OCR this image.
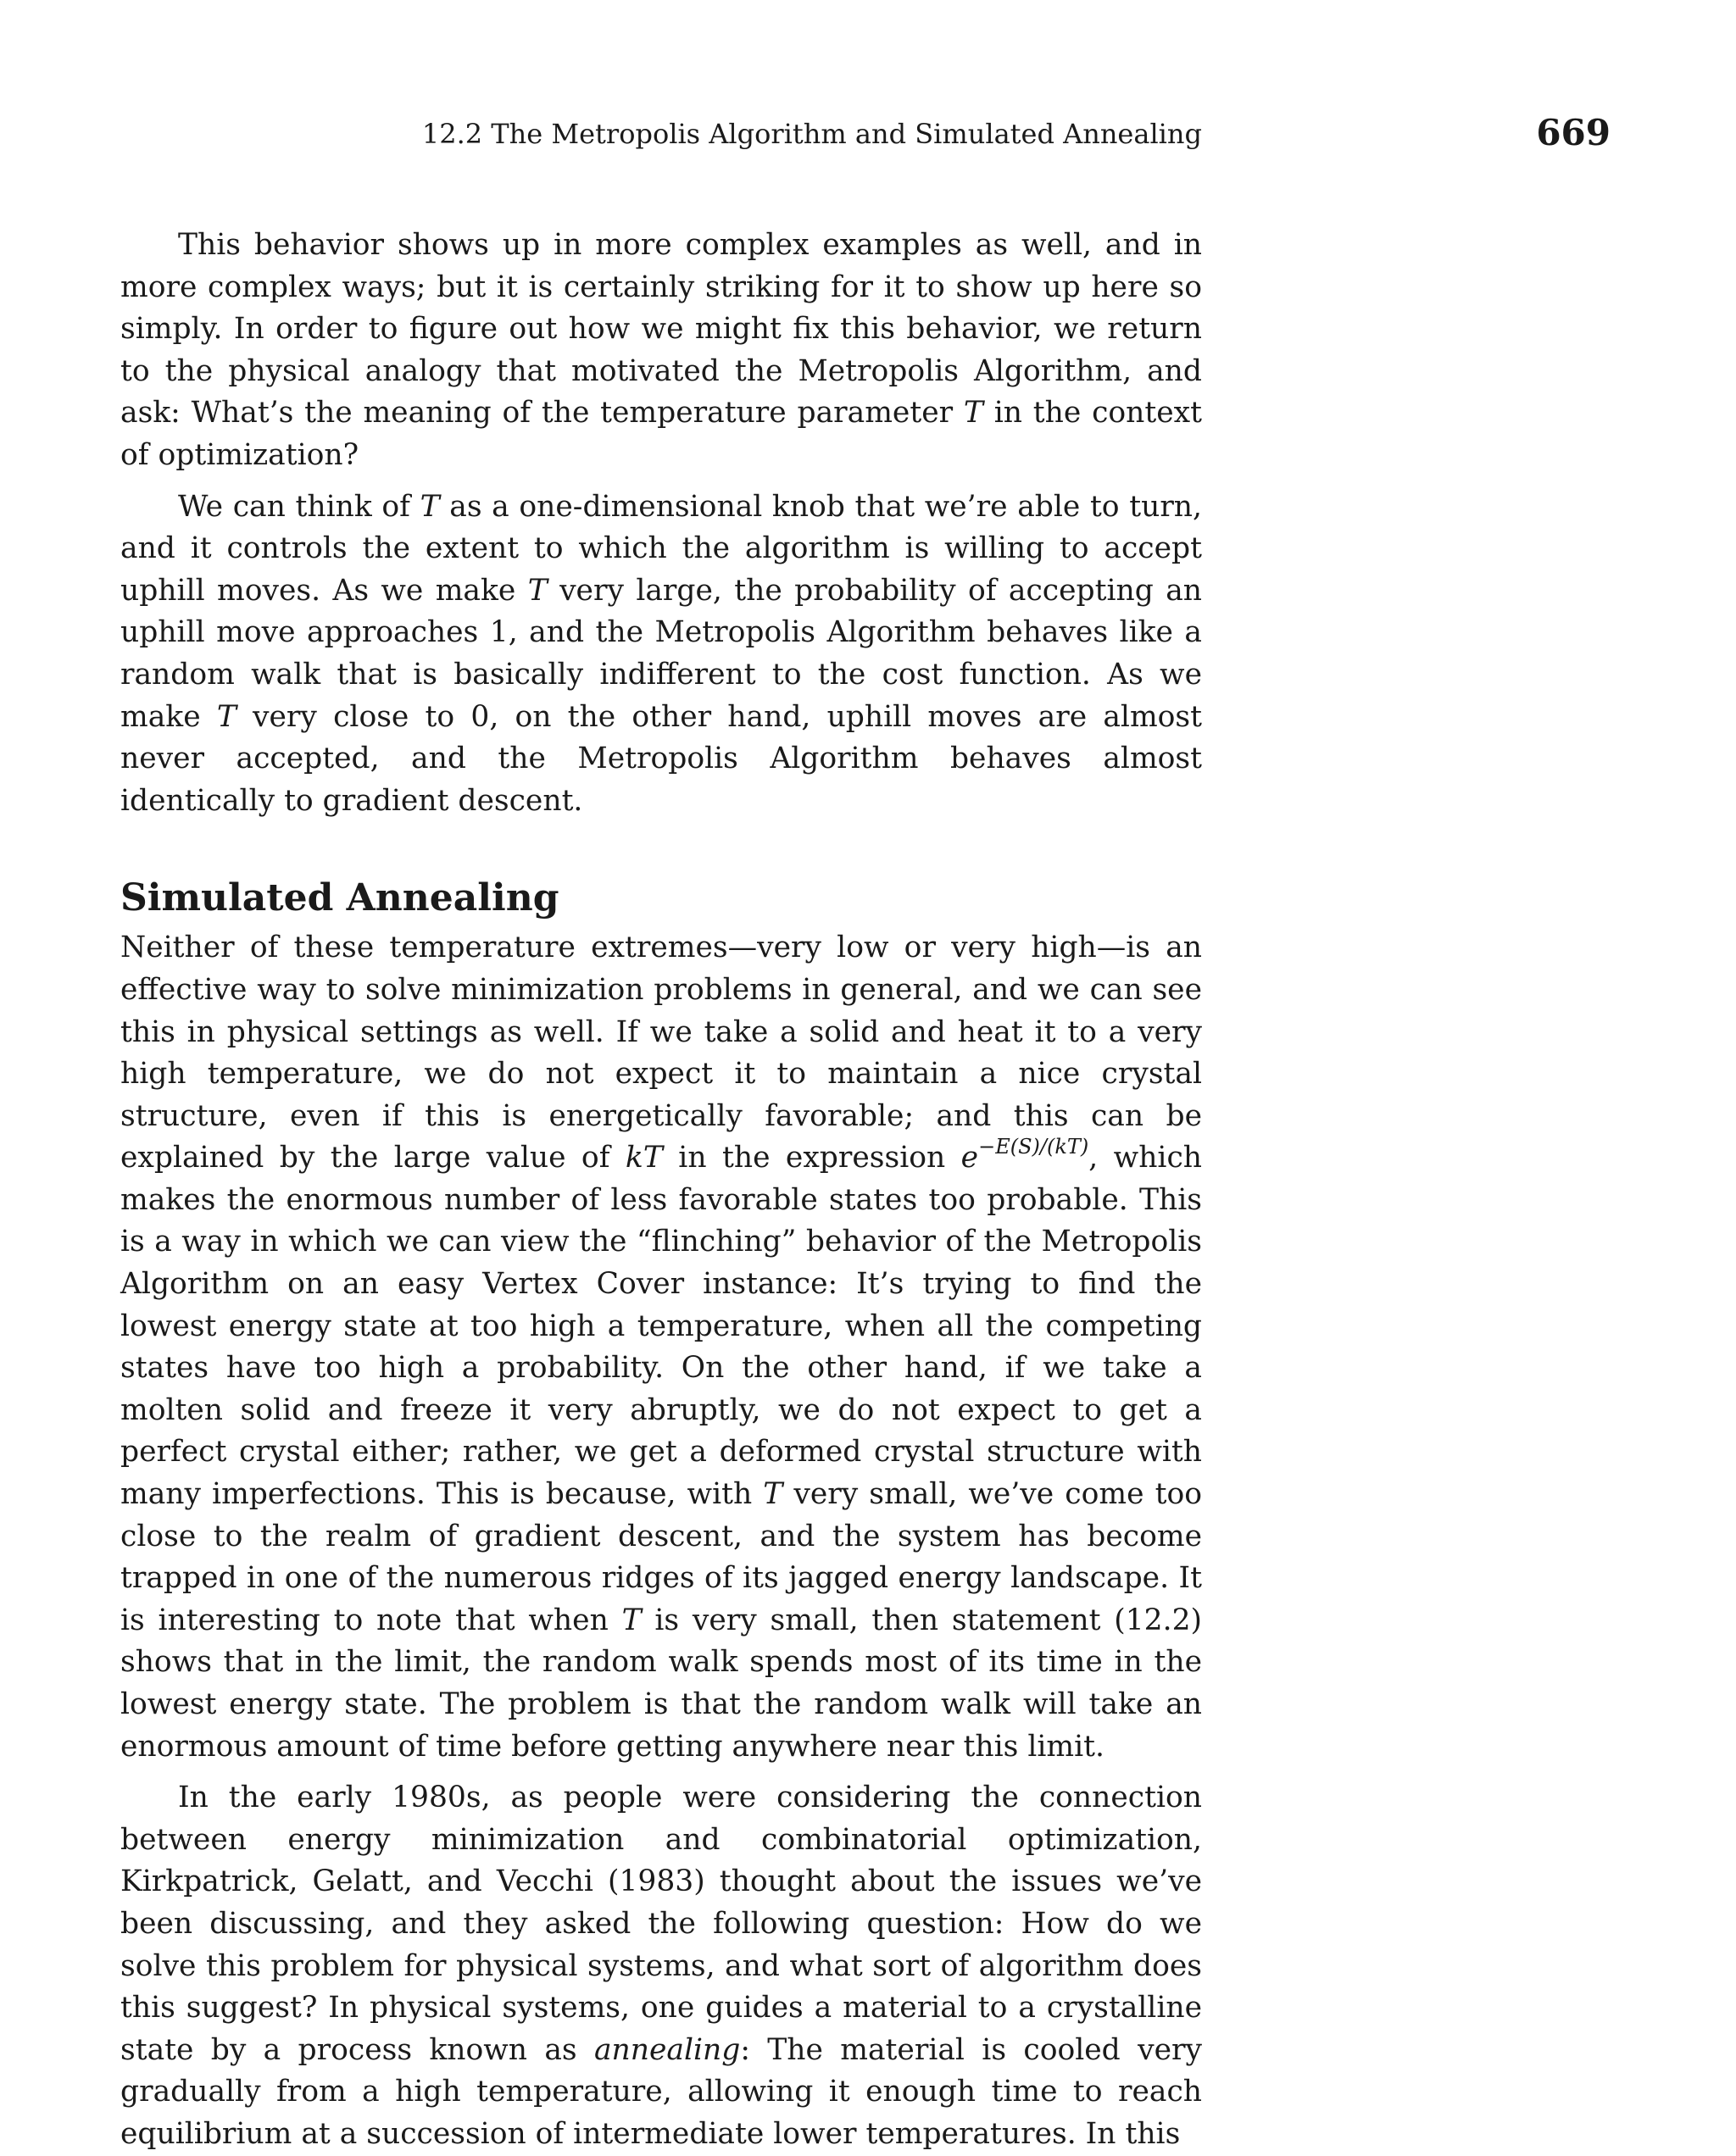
12.2 The Metropolis Algorithm and Simulated Annealing	669

This behavior shows up in more complex examples as well, and in more complex ways; but it is certainly striking for it to show up here so simply. In order to figure out how we might fix this behavior, we return to the physical analogy that motivated the Metropolis Algorithm, and ask: What’s the meaning of the temperature parameter T in the context of optimization?

We can think of T as a one-dimensional knob that we’re able to turn, and it controls the extent to which the algorithm is willing to accept uphill moves. As we make T very large, the probability of accepting an uphill move approaches 1, and the Metropolis Algorithm behaves like a random walk that is basically indifferent to the cost function. As we make T very close to 0, on the other hand, uphill moves are almost never accepted, and the Metropolis Algorithm behaves almost identically to gradient descent.

Simulated Annealing

Neither of these temperature extremes—very low or very high—is an effective way to solve minimization problems in general, and we can see this in physical settings as well. If we take a solid and heat it to a very high temperature, we do not expect it to maintain a nice crystal structure, even if this is energetically favorable; and this can be explained by the large value of kT in the expression $e^{-E(S)/(kT)}$, which makes the enormous number of less favorable states too probable. This is a way in which we can view the “flinching” behavior of the Metropolis Algorithm on an easy Vertex Cover instance: It’s trying to find the lowest energy state at too high a temperature, when all the competing states have too high a probability. On the other hand, if we take a molten solid and freeze it very abruptly, we do not expect to get a perfect crystal either; rather, we get a deformed crystal structure with many imperfections. This is because, with T very small, we’ve come too close to the realm of gradient descent, and the system has become trapped in one of the numerous ridges of its jagged energy landscape. It is interesting to note that when T is very small, then statement (12.2) shows that in the limit, the random walk spends most of its time in the lowest energy state. The problem is that the random walk will take an enormous amount of time before getting anywhere near this limit.

In the early 1980s, as people were considering the connection between energy minimization and combinatorial optimization, Kirkpatrick, Gelatt, and Vecchi (1983) thought about the issues we’ve been discussing, and they asked the following question: How do we solve this problem for physical systems, and what sort of algorithm does this suggest? In physical systems, one guides a material to a crystalline state by a process known as annealing: The material is cooled very gradually from a high temperature, allowing it enough time to reach equilibrium at a succession of intermediate lower temperatures. In this
